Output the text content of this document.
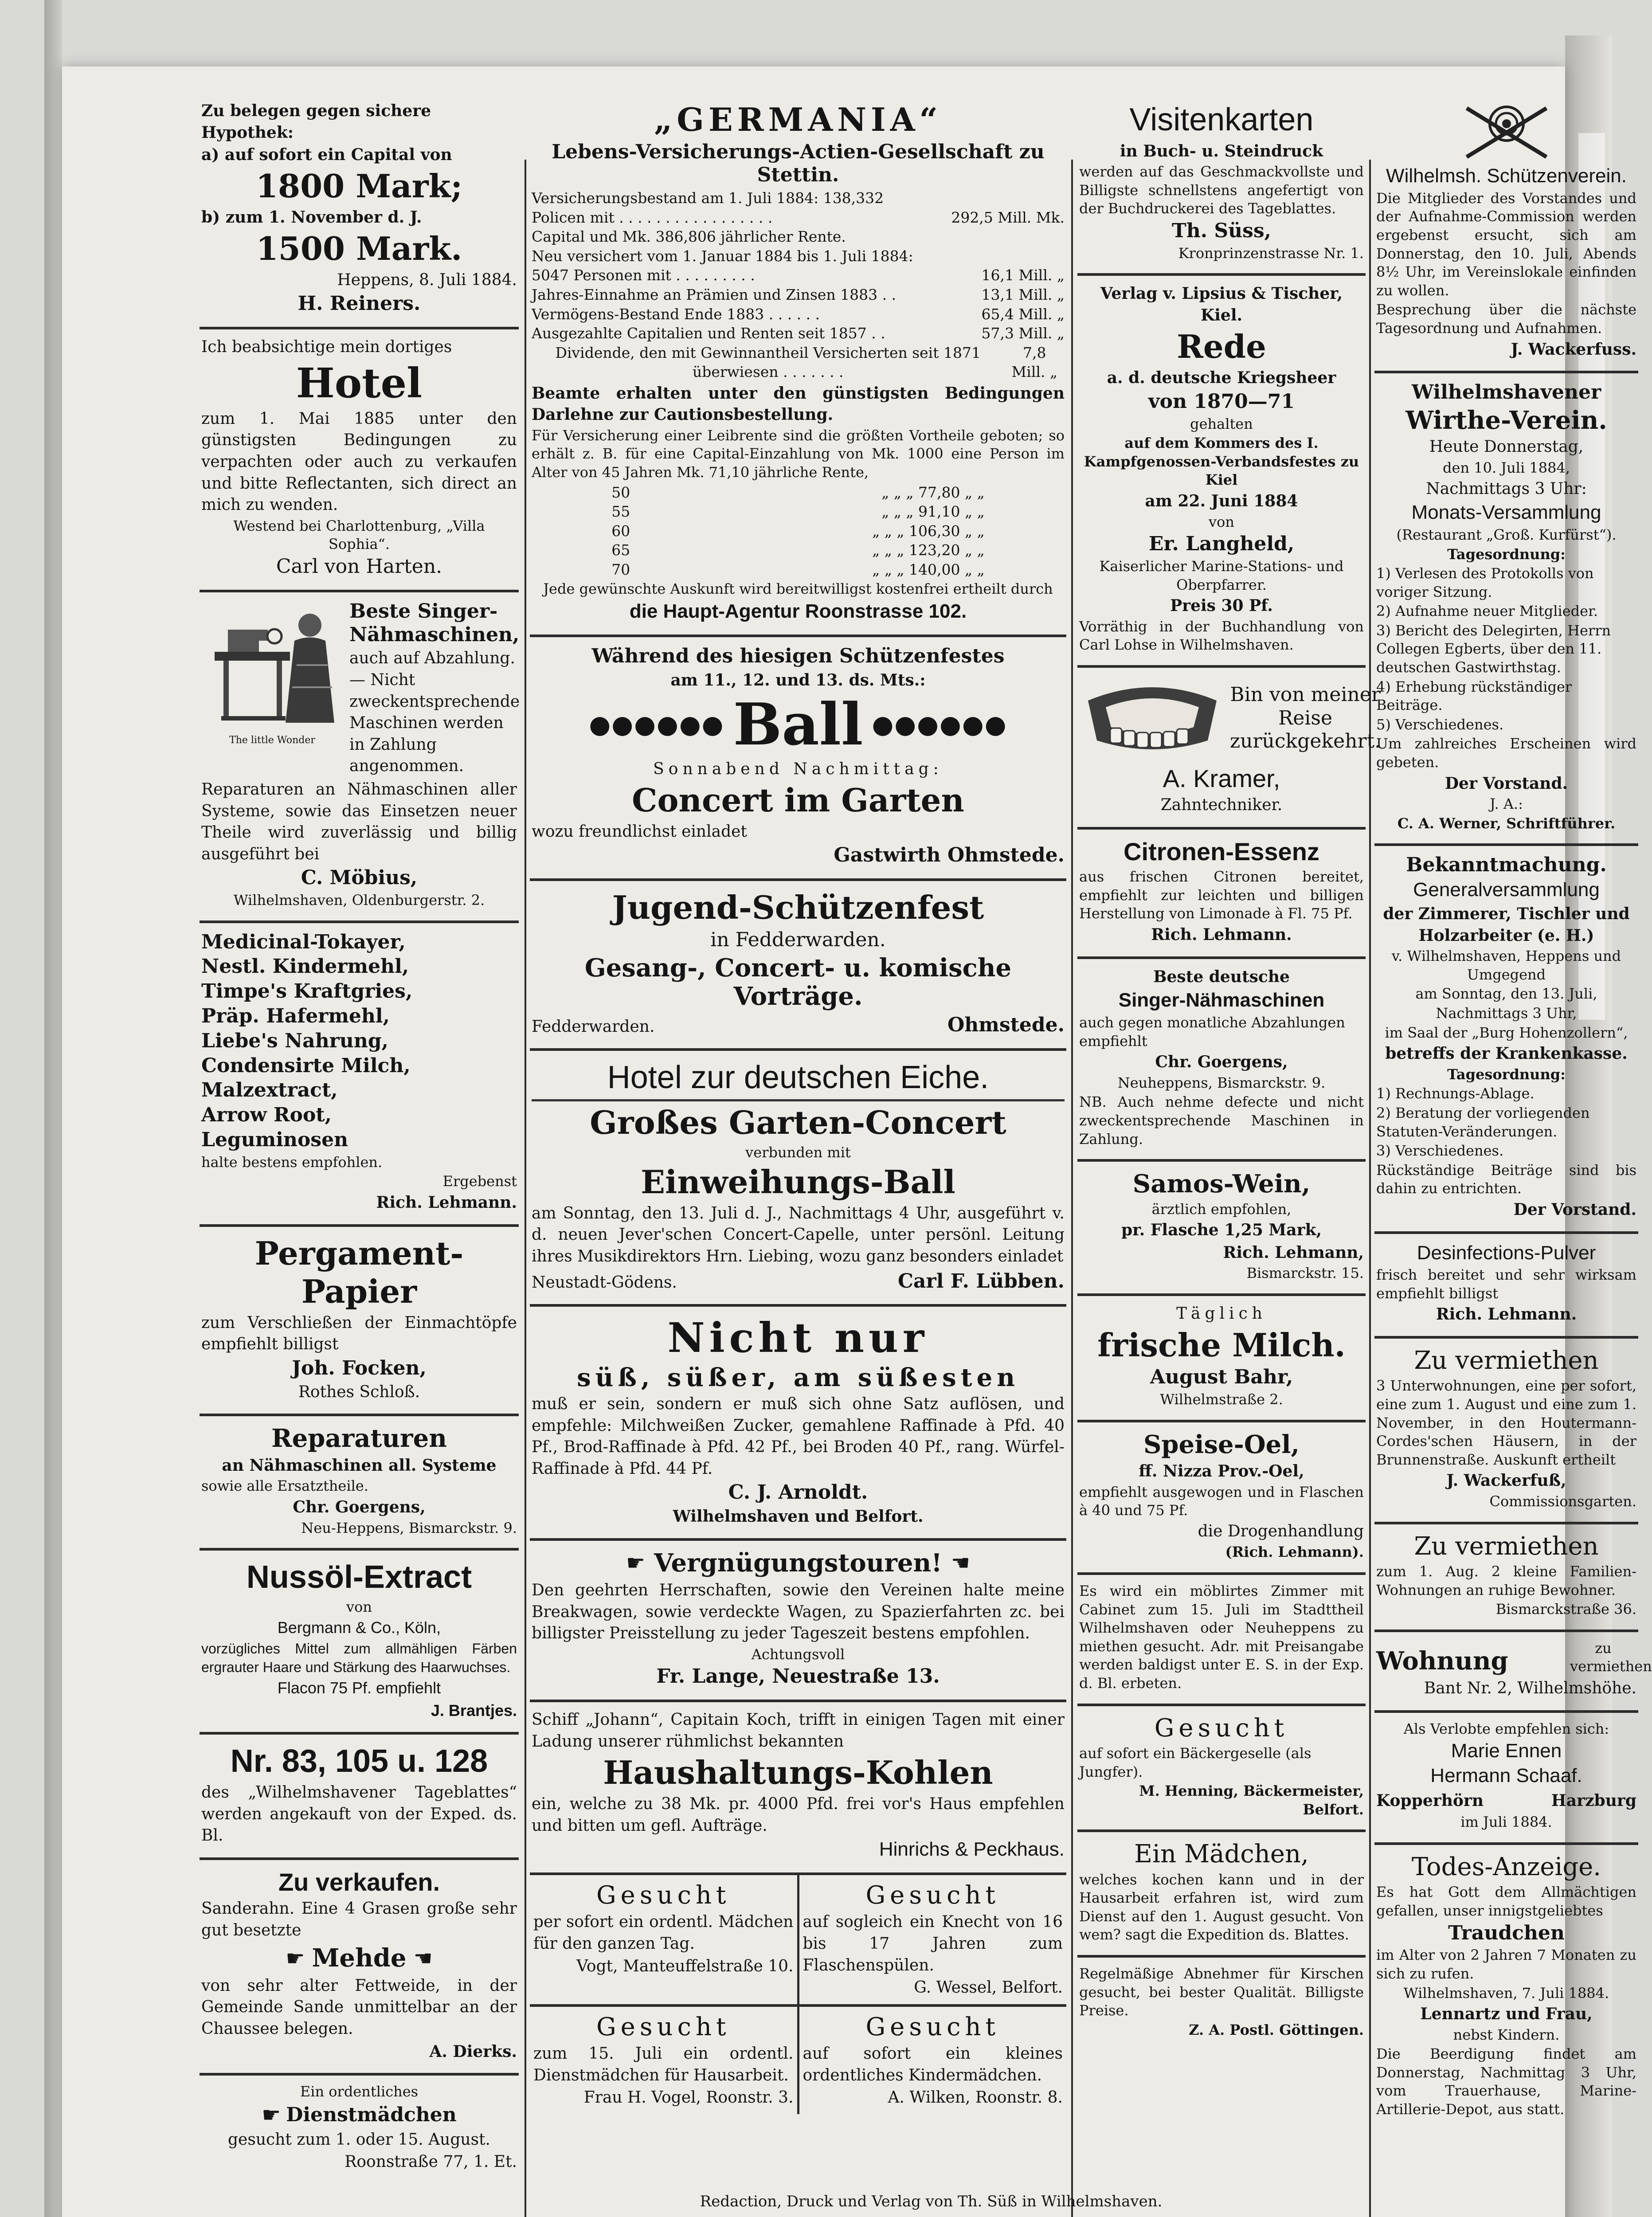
Zu belegen gegen sichere Hypothek:
a) auf sofort ein Capital von
1800 Mark;
b) zum 1. November d. J.
1500 Mark.
Heppens, 8. Juli 1884.
H. Reiners.
Ich beabsichtige mein dortiges
Hotel
zum 1. Mai 1885 unter den günstigsten Bedingungen zu verpachten oder auch zu verkaufen und bitte Reflectanten, sich direct an mich zu wenden.
Westend bei Charlottenburg, „Villa Sophia“.
Carl von Harten.
The little Wonder
Beste Singer-Nähmaschinen,
auch auf Abzahlung. — Nicht zweckentsprechende Maschinen werden in Zahlung angenommen.
Reparaturen an Nähmaschinen aller Systeme, sowie das Einsetzen neuer Theile wird zuverlässig und billig ausgeführt bei
C. Möbius,
Wilhelmshaven, Oldenburgerstr. 2.
Medicinal-Tokayer,
Nestl. Kindermehl,
Timpe's Kraftgries,
Präp. Hafermehl,
Liebe's Nahrung,
Condensirte Milch,
Malzextract,
Arrow Root,
Leguminosen
halte bestens empfohlen.
Ergebenst
Rich. Lehmann.
Pergament-
Papier
zum Verschließen der Einmachtöpfe empfiehlt billigst
Joh. Focken,
Rothes Schloß.
Reparaturen
an Nähmaschinen all. Systeme
sowie alle Ersatztheile.
Chr. Goergens,
Neu-Heppens, Bismarckstr. 9.
Nussöl-Extract
von
Bergmann & Co., Köln,
vorzügliches Mittel zum allmähligen Färben ergrauter Haare und Stärkung des Haarwuchses.
Flacon 75 Pf. empfiehlt
J. Brantjes.
Nr. 83, 105 u. 128
des „Wilhelmshavener Tageblattes“ werden angekauft von der Exped. ds. Bl.
Zu verkaufen.
Sanderahn. Eine 4 Grasen große sehr gut besetzte
☛ Mehde ☚
von sehr alter Fettweide, in der Gemeinde Sande unmittelbar an der Chaussee belegen.
A. Dierks.
Ein ordentliches
☛ Dienstmädchen
gesucht zum 1. oder 15. August.
Roonstraße 77, 1. Et.
„GERMANIA“
Lebens-Versicherungs-Actien-Gesellschaft zu Stettin.
Versicherungsbestand am 1. Juli 1884: 138,332
Policen mit . . . . . . . . . . . . . . . . .	292,5 Mill. Mk.
Capital und Mk. 386,806 jährlicher Rente.
Neu versichert vom 1. Januar 1884 bis 1. Juli 1884:
5047 Personen mit . . . . . . . . .	16,1 Mill. „
Jahres-Einnahme an Prämien und Zinsen 1883 . .	13,1 Mill. „
Vermögens-Bestand Ende 1883 . . . . . .	65,4 Mill. „
Ausgezahlte Capitalien und Renten seit 1857 . .	57,3 Mill. „
Dividende, den mit Gewinnantheil Versicherten seit 1871 überwiesen . . . . . . .
7,8 Mill. „
Beamte erhalten unter den günstigsten Bedingungen Darlehne zur Cautionsbestellung.
Für Versicherung einer Leibrente sind die größten Vortheile geboten; so erhält z. B. für eine Capital-Einzahlung von Mk. 1000 eine Person im Alter von 45 Jahren Mk. 71,10 jährliche Rente,
50	„ „ „ 77,80 „ „
55	„ „ „ 91,10 „ „
60	„ „ „ 106,30 „ „
65	„ „ „ 123,20 „ „
70	„ „ „ 140,00 „ „
Jede gewünschte Auskunft wird bereitwilligst kostenfrei ertheilt durch
die Haupt-Agentur Roonstrasse 102.
Während des hiesigen Schützenfestes
am 11., 12. und 13. ds. Mts.:
●●●●●● Ball ●●●●●●
Sonnabend Nachmittag:
Concert im Garten
wozu freundlichst einladet
Gastwirth Ohmstede.
Jugend-Schützenfest
in Fedderwarden.
Gesang-, Concert- u. komische Vorträge.
Fedderwarden.	Ohmstede.
Hotel zur deutschen Eiche.
Großes Garten-Concert
verbunden mit
Einweihungs-Ball
am Sonntag, den 13. Juli d. J., Nachmittags 4 Uhr, ausgeführt v. d. neuen Jever'schen Concert-Capelle, unter persönl. Leitung ihres Musikdirektors Hrn. Liebing, wozu ganz besonders einladet
Neustadt-Gödens.	Carl F. Lübben.
Nicht nur
süß, süßer, am süßesten
muß er sein, sondern er muß sich ohne Satz auflösen, und empfehle: Milchweißen Zucker, gemahlene Raffinade à Pfd. 40 Pf., Brod-Raffinade à Pfd. 42 Pf., bei Broden 40 Pf., rang. Würfel-Raffinade à Pfd. 44 Pf.
C. J. Arnoldt.
Wilhelmshaven und Belfort.
☛ Vergnügungstouren! ☚
Den geehrten Herrschaften, sowie den Vereinen halte meine Breakwagen, sowie verdeckte Wagen, zu Spazierfahrten zc. bei billigster Preisstellung zu jeder Tageszeit bestens empfohlen.
Achtungsvoll
Fr. Lange, Neuestraße 13.
Schiff „Johann“, Capitain Koch, trifft in einigen Tagen mit einer Ladung unserer rühmlichst bekannten
Haushaltungs-Kohlen
ein, welche zu 38 Mk. pr. 4000 Pfd. frei vor's Haus empfehlen und bitten um gefl. Aufträge.
Hinrichs & Peckhaus.
Gesucht
per sofort ein ordentl. Mädchen für den ganzen Tag.
Vogt, Manteuffelstraße 10.
Gesucht
auf sogleich ein Knecht von 16 bis 17 Jahren zum Flaschenspülen.
G. Wessel, Belfort.
Gesucht
zum 15. Juli ein ordentl. Dienstmädchen für Hausarbeit.
Frau H. Vogel, Roonstr. 3.
Gesucht
auf sofort ein kleines ordentliches Kindermädchen.
A. Wilken, Roonstr. 8.
Visitenkarten
in Buch- u. Steindruck
werden auf das Geschmackvollste und Billigste schnellstens angefertigt von der Buchdruckerei des Tageblattes.
Th. Süss,
Kronprinzenstrasse Nr. 1.
Verlag v. Lipsius & Tischer, Kiel.
Rede
a. d. deutsche Kriegsheer
von 1870—71
gehalten
auf dem Kommers des I. Kampfgenossen-Verbandsfestes zu Kiel
am 22. Juni 1884
von
Er. Langheld,
Kaiserlicher Marine-Stations- und Oberpfarrer.
Preis 30 Pf.
Vorräthig in der Buchhandlung von Carl Lohse in Wilhelmshaven.
Bin von meiner Reise zurückgekehrt.
A. Kramer,
Zahntechniker.
Citronen-Essenz
aus frischen Citronen bereitet, empfiehlt zur leichten und billigen Herstellung von Limonade à Fl. 75 Pf.
Rich. Lehmann.
Beste deutsche
Singer-Nähmaschinen
auch gegen monatliche Abzahlungen empfiehlt
Chr. Goergens,
Neuheppens, Bismarckstr. 9.
NB. Auch nehme defecte und nicht zweckentsprechende Maschinen in Zahlung.
Samos-Wein,
ärztlich empfohlen,
pr. Flasche 1,25 Mark,
Rich. Lehmann,
Bismarckstr. 15.
Täglich
frische Milch.
August Bahr,
Wilhelmstraße 2.
Speise-Oel,
ff. Nizza Prov.-Oel,
empfiehlt ausgewogen und in Flaschen à 40 und 75 Pf.
die Drogenhandlung
(Rich. Lehmann).
Es wird ein möblirtes Zimmer mit Cabinet zum 15. Juli im Stadttheil Wilhelmshaven oder Neuheppens zu miethen gesucht. Adr. mit Preisangabe werden baldigst unter E. S. in der Exp. d. Bl. erbeten.
Gesucht
auf sofort ein Bäckergeselle (als Jungfer).
M. Henning, Bäckermeister, Belfort.
Ein Mädchen,
welches kochen kann und in der Hausarbeit erfahren ist, wird zum Dienst auf den 1. August gesucht. Von wem? sagt die Expedition ds. Blattes.
Regelmäßige Abnehmer für Kirschen gesucht, bei bester Qualität. Billigste Preise.
Z. A. Postl. Göttingen.
Wilhelmsh. Schützenverein.
Die Mitglieder des Vorstandes und der Aufnahme-Commission werden ergebenst ersucht, sich am Donnerstag, den 10. Juli, Abends 8½ Uhr, im Vereinslokale einfinden zu wollen.
Besprechung über die nächste Tagesordnung und Aufnahmen.
J. Wackerfuss.
Wilhelmshavener
Wirthe-Verein.
Heute Donnerstag,
den 10. Juli 1884,
Nachmittags 3 Uhr:
Monats-Versammlung
(Restaurant „Groß. Kurfürst“).
Tagesordnung:
1) Verlesen des Protokolls von voriger Sitzung.
2) Aufnahme neuer Mitglieder.
3) Bericht des Delegirten, Herrn Collegen Egberts, über den 11. deutschen Gastwirthstag.
4) Erhebung rückständiger Beiträge.
5) Verschiedenes.
Um zahlreiches Erscheinen wird gebeten.
Der Vorstand.
J. A.:
C. A. Werner, Schriftführer.
Bekanntmachung.
Generalversammlung
der Zimmerer, Tischler und Holzarbeiter (e. H.)
v. Wilhelmshaven, Heppens und Umgegend
am Sonntag, den 13. Juli,
Nachmittags 3 Uhr,
im Saal der „Burg Hohenzollern“,
betreffs der Krankenkasse.
Tagesordnung:
1) Rechnungs-Ablage.
2) Beratung der vorliegenden Statuten-Veränderungen.
3) Verschiedenes.
Rückständige Beiträge sind bis dahin zu entrichten.
Der Vorstand.
Desinfections-Pulver
frisch bereitet und sehr wirksam empfiehlt billigst
Rich. Lehmann.
Zu vermiethen
3 Unterwohnungen, eine per sofort, eine zum 1. August und eine zum 1. November, in den Houtermann-Cordes'schen Häusern, in der Brunnenstraße. Auskunft ertheilt
J. Wackerfuß,
Commissionsgarten.
Zu vermiethen
zum 1. Aug. 2 kleine Familien-Wohnungen an ruhige Bewohner.
Bismarckstraße 36.
Wohnung	zu vermiethen
Bant Nr. 2, Wilhelmshöhe.
Als Verlobte empfehlen sich:
Marie Ennen
Hermann Schaaf.
Kopperhörn	Harzburg
im Juli 1884.
Todes-Anzeige.
Es hat Gott dem Allmächtigen gefallen, unser innigstgeliebtes
Traudchen
im Alter von 2 Jahren 7 Monaten zu sich zu rufen.
Wilhelmshaven, 7. Juli 1884.
Lennartz und Frau,
nebst Kindern.
Die Beerdigung findet am Donnerstag, Nachmittag 3 Uhr, vom Trauerhause, Marine-Artillerie-Depot, aus statt.
Redaction, Druck und Verlag von Th. Süß in Wilhelmshaven.
